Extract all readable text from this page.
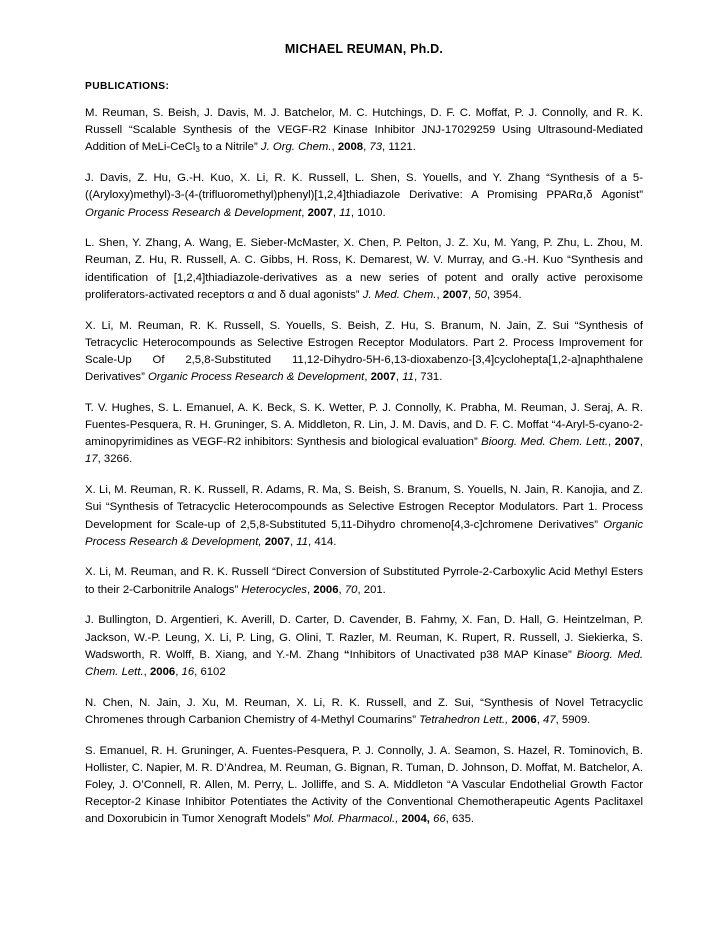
MICHAEL REUMAN, Ph.D.
PUBLICATIONS:

M. Reuman, S. Beish, J. Davis, M. J. Batchelor, M. C. Hutchings, D. F. C. Moffat, P. J. Connolly, and R. K. Russell “Scalable Synthesis of the VEGF-R2 Kinase Inhibitor JNJ-17029259 Using Ultrasound-Mediated Addition of MeLi-CeCl$_3$ to a Nitrile” J. Org. Chem., 2008, 73, 1121.

J. Davis, Z. Hu, G.-H. Kuo, X. Li, R. K. Russell, L. Shen, S. Youells, and Y. Zhang “Synthesis of a 5-((Aryloxy)methyl)-3-(4-(trifluoromethyl)phenyl)[1,2,4]thiadiazole Derivative: A Promising PPARα,δ Agonist” Organic Process Research & Development, 2007, 11, 1010.

L. Shen, Y. Zhang, A. Wang, E. Sieber-McMaster, X. Chen, P. Pelton, J. Z. Xu, M. Yang, P. Zhu, L. Zhou, M. Reuman, Z. Hu, R. Russell, A. C. Gibbs, H. Ross, K. Demarest, W. V. Murray, and G.-H. Kuo “Synthesis and identification of [1,2,4]thiadiazole-derivatives as a new series of potent and orally active peroxisome proliferators-activated receptors α and δ dual agonists” J. Med. Chem., 2007, 50, 3954.

X. Li, M. Reuman, R. K. Russell, S. Youells, S. Beish, Z. Hu, S. Branum, N. Jain, Z. Sui “Synthesis of Tetracyclic Heterocompounds as Selective Estrogen Receptor Modulators. Part 2. Process Improvement for Scale-Up Of 2,5,8-Substituted 11,12-Dihydro-5H-6,13-dioxabenzo-[3,4]cyclohepta[1,2-a]naphthalene Derivatives” Organic Process Research & Development, 2007, 11, 731.

T. V. Hughes, S. L. Emanuel, A. K. Beck, S. K. Wetter, P. J. Connolly, K. Prabha, M. Reuman, J. Seraj, A. R. Fuentes-Pesquera, R. H. Gruninger, S. A. Middleton, R. Lin, J. M. Davis, and D. F. C. Moffat “4-Aryl-5-cyano-2-aminopyrimidines as VEGF-R2 inhibitors: Synthesis and biological evaluation” Bioorg. Med. Chem. Lett., 2007, 17, 3266.

X. Li, M. Reuman, R. K. Russell, R. Adams, R. Ma, S. Beish, S. Branum, S. Youells, N. Jain, R. Kanojia, and Z. Sui “Synthesis of Tetracyclic Heterocompounds as Selective Estrogen Receptor Modulators. Part 1. Process Development for Scale-up of 2,5,8-Substituted 5,11-Dihydro chromeno[4,3-c]chromene Derivatives” Organic Process Research & Development, 2007, 11, 414.

X. Li, M. Reuman, and R. K. Russell “Direct Conversion of Substituted Pyrrole-2-Carboxylic Acid Methyl Esters to their 2-Carbonitrile Analogs” Heterocycles, 2006, 70, 201.

J. Bullington, D. Argentieri, K. Averill, D. Carter, D. Cavender, B. Fahmy, X. Fan, D. Hall, G. Heintzelman, P. Jackson, W.-P. Leung, X. Li, P. Ling, G. Olini, T. Razler, M. Reuman, K. Rupert, R. Russell, J. Siekierka, S. Wadsworth, R. Wolff, B. Xiang, and Y.-M. Zhang “Inhibitors of Unactivated p38 MAP Kinase” Bioorg. Med. Chem. Lett., 2006, 16, 6102

N. Chen, N. Jain, J. Xu, M. Reuman, X. Li, R. K. Russell, and Z. Sui, “Synthesis of Novel Tetracyclic Chromenes through Carbanion Chemistry of 4-Methyl Coumarins” Tetrahedron Lett., 2006, 47, 5909.

S. Emanuel, R. H. Gruninger, A. Fuentes-Pesquera, P. J. Connolly, J. A. Seamon, S. Hazel, R. Tominovich, B. Hollister, C. Napier, M. R. D’Andrea, M. Reuman, G. Bignan, R. Tuman, D. Johnson, D. Moffat, M. Batchelor, A. Foley, J. O’Connell, R. Allen, M. Perry, L. Jolliffe, and S. A. Middleton “A Vascular Endothelial Growth Factor Receptor-2 Kinase Inhibitor Potentiates the Activity of the Conventional Chemotherapeutic Agents Paclitaxel and Doxorubicin in Tumor Xenograft Models” Mol. Pharmacol., 2004, 66, 635.
